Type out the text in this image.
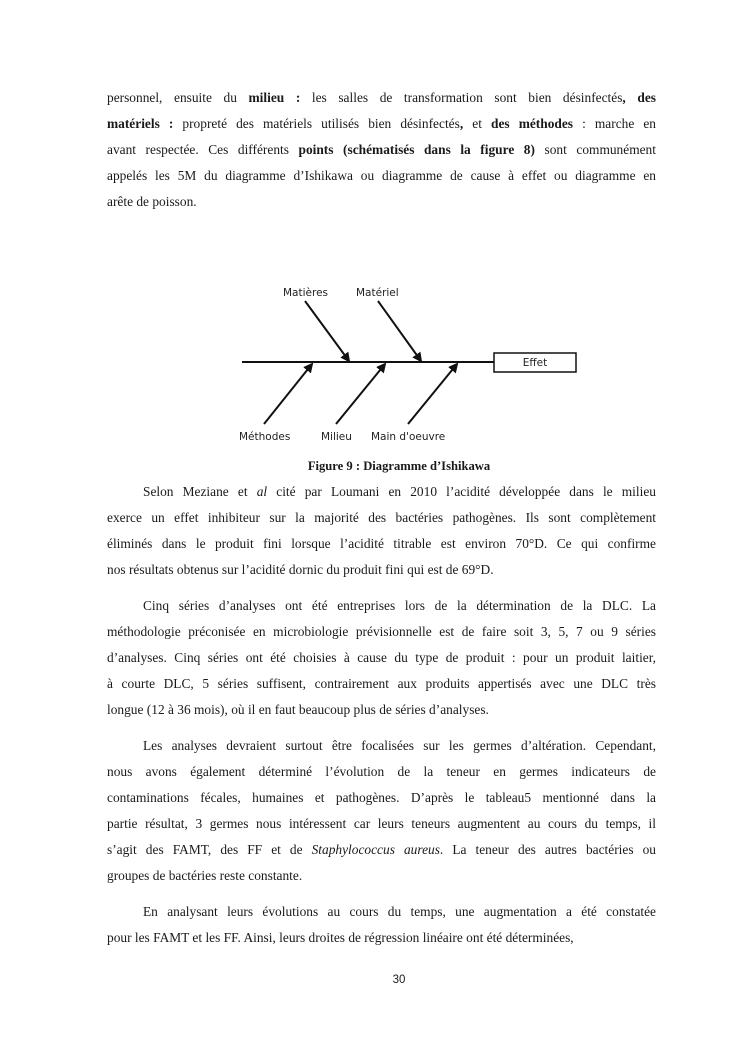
personnel, ensuite du milieu : les salles de transformation sont bien désinfectés, des
matériels : propreté des matériels utilisés bien désinfectés, et des méthodes : marche en
avant respectée. Ces différents points (schématisés dans la figure 8) sont communément
appelés les 5M du diagramme d’Ishikawa ou diagramme de cause à effet ou diagramme en
arête de poisson.
Effet
Matières	Matériel
Méthodes	Milieu Main d'oeuvre
Figure 9 : Diagramme d’Ishikawa
Selon Meziane et al cité par Loumani en 2010 l’acidité développée dans le milieu
exerce un effet inhibiteur sur la majorité des bactéries pathogènes. Ils sont complètement
éliminés dans le produit fini lorsque l’acidité titrable est environ 70°D. Ce qui confirme
nos résultats obtenus sur l’acidité dornic du produit fini qui est de 69°D.
Cinq séries d’analyses ont été entreprises lors de la détermination de la DLC. La
méthodologie préconisée en microbiologie prévisionnelle est de faire soit 3, 5, 7 ou 9 séries
d’analyses. Cinq séries ont été choisies à cause du type de produit : pour un produit laitier,
à courte DLC, 5 séries suffisent, contrairement aux produits appertisés avec une DLC très
longue (12 à 36 mois), où il en faut beaucoup plus de séries d’analyses.
Les analyses devraient surtout être focalisées sur les germes d’altération. Cependant,
nous avons également déterminé l’évolution de la teneur en germes indicateurs de
contaminations fécales, humaines et pathogènes. D’après le tableau5 mentionné dans la
partie résultat, 3 germes nous intéressent car leurs teneurs augmentent au cours du temps, il
s’agit des FAMT, des FF et de Staphylococcus aureus. La teneur des autres bactéries ou
groupes de bactéries reste constante.
En analysant leurs évolutions au cours du temps, une augmentation a été constatée
pour les FAMT et les FF. Ainsi, leurs droites de régression linéaire ont été déterminées,
30
